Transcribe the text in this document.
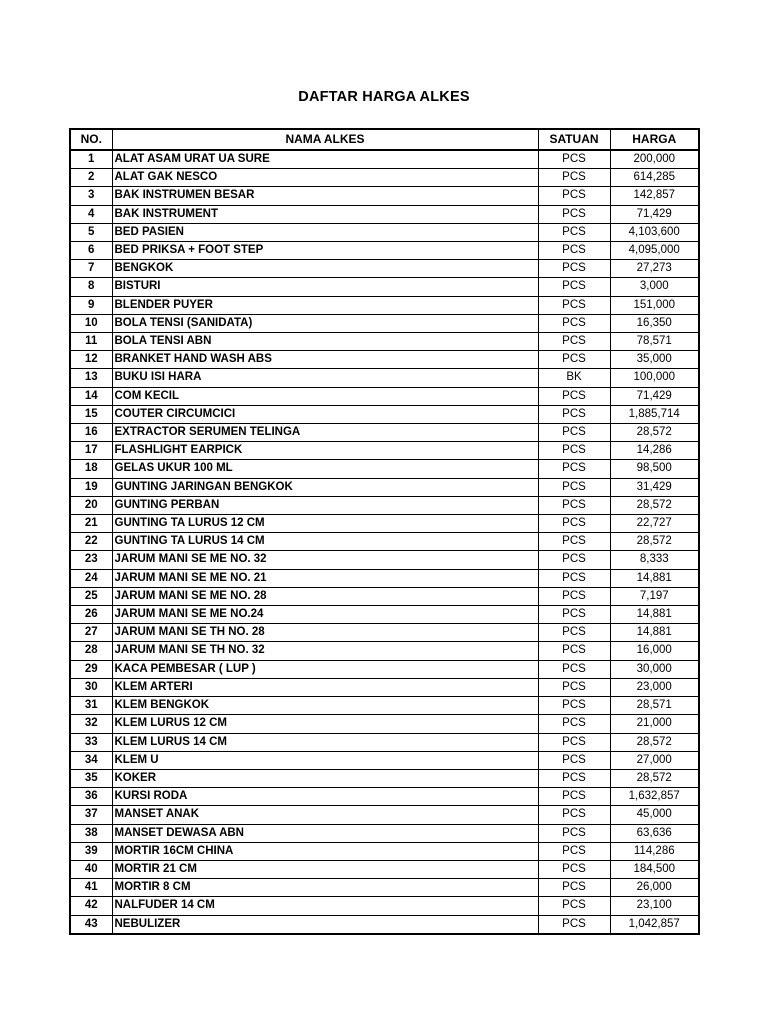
DAFTAR HARGA ALKES
NO.	NAMA ALKES	SATUAN	HARGA
1	ALAT ASAM URAT UA SURE	PCS	200,000
2	ALAT GAK NESCO	PCS	614,285
3	BAK INSTRUMEN BESAR	PCS	142,857
4	BAK INSTRUMENT	PCS	71,429
5	BED PASIEN	PCS	4,103,600
6	BED PRIKSA + FOOT STEP	PCS	4,095,000
7	BENGKOK	PCS	27,273
8	BISTURI	PCS	3,000
9	BLENDER PUYER	PCS	151,000
10	BOLA TENSI (SANIDATA)	PCS	16,350
11	BOLA TENSI ABN	PCS	78,571
12	BRANKET HAND WASH ABS	PCS	35,000
13	BUKU ISI HARA	BK	100,000
14	COM KECIL	PCS	71,429
15	COUTER CIRCUMCICI	PCS	1,885,714
16	EXTRACTOR SERUMEN TELINGA	PCS	28,572
17	FLASHLIGHT EARPICK	PCS	14,286
18	GELAS UKUR 100 ML	PCS	98,500
19	GUNTING JARINGAN BENGKOK	PCS	31,429
20	GUNTING PERBAN	PCS	28,572
21	GUNTING TA LURUS 12 CM	PCS	22,727
22	GUNTING TA LURUS 14 CM	PCS	28,572
23	JARUM MANI SE ME NO. 32	PCS	8,333
24	JARUM MANI SE ME NO. 21	PCS	14,881
25	JARUM MANI SE ME NO. 28	PCS	7,197
26	JARUM MANI SE ME NO.24	PCS	14,881
27	JARUM MANI SE TH NO. 28	PCS	14,881
28	JARUM MANI SE TH NO. 32	PCS	16,000
29	KACA PEMBESAR ( LUP )	PCS	30,000
30	KLEM ARTERI	PCS	23,000
31	KLEM BENGKOK	PCS	28,571
32	KLEM LURUS 12 CM	PCS	21,000
33	KLEM LURUS 14 CM	PCS	28,572
34	KLEM U	PCS	27,000
35	KOKER	PCS	28,572
36	KURSI RODA	PCS	1,632,857
37	MANSET ANAK	PCS	45,000
38	MANSET DEWASA ABN	PCS	63,636
39	MORTIR 16CM CHINA	PCS	114,286
40	MORTIR 21 CM	PCS	184,500
41	MORTIR 8 CM	PCS	26,000
42	NALFUDER 14 CM	PCS	23,100
43	NEBULIZER	PCS	1,042,857
